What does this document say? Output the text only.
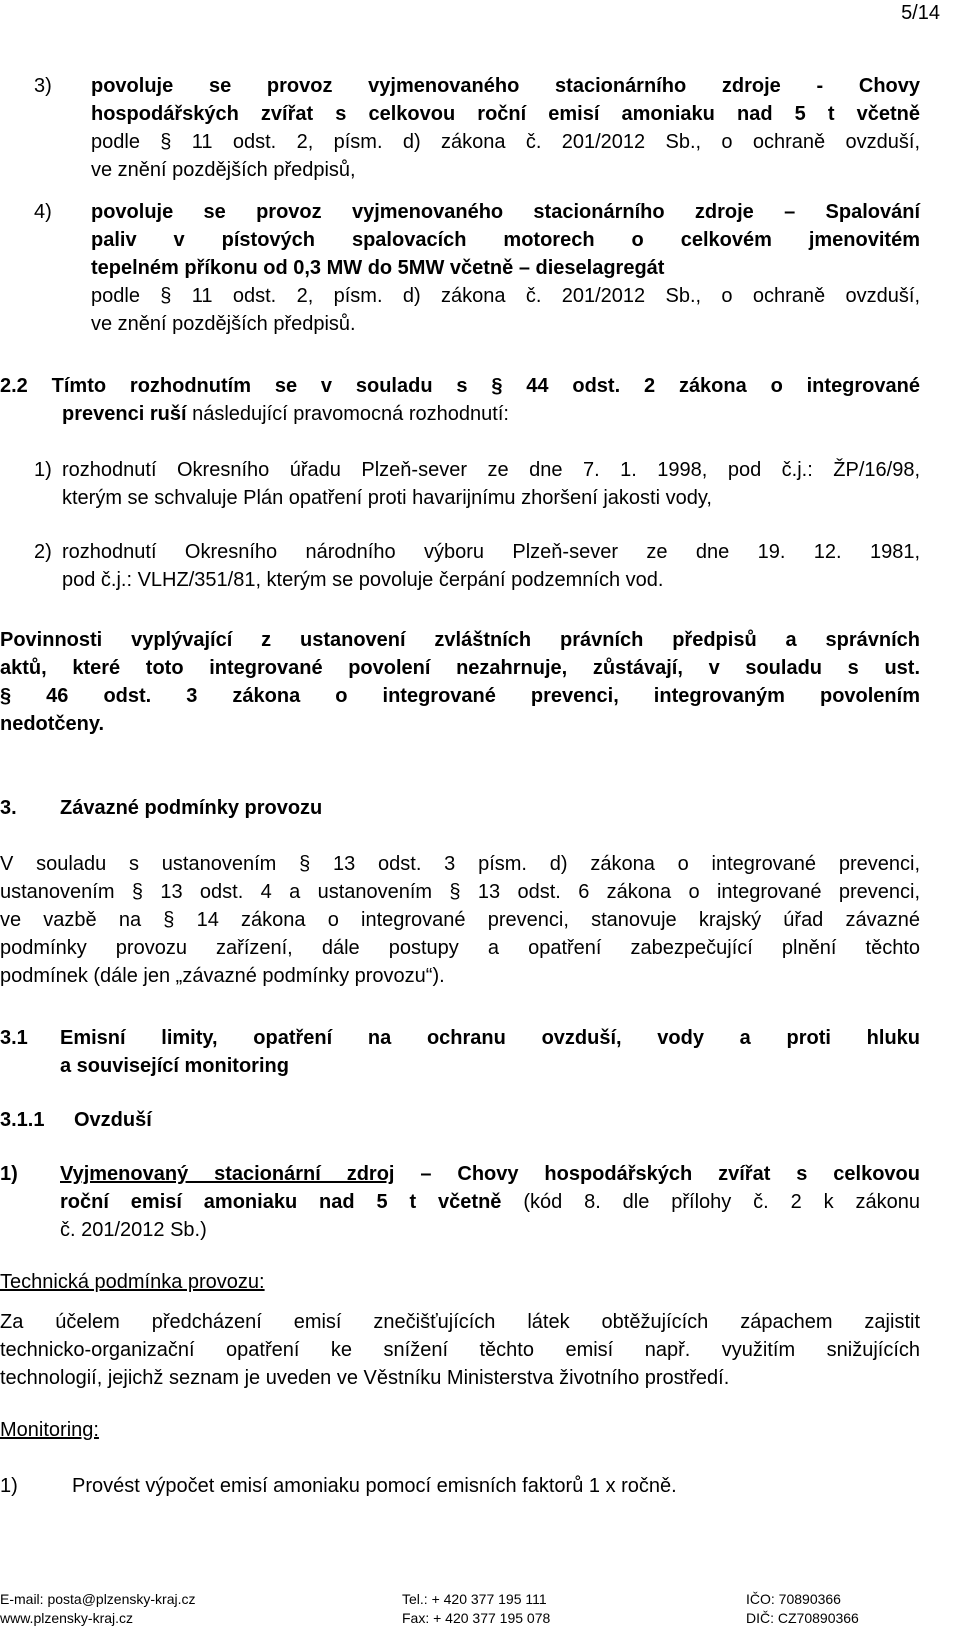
5/14
3) povoluje se provoz vyjmenovaného stacionárního zdroje - Chovy
hospodářských zvířat s celkovou roční emisí amoniaku nad 5 t včetně
podle § 11 odst. 2, písm. d) zákona č. 201/2012 Sb., o ochraně ovzduší,
ve znění pozdějších předpisů,
4) povoluje se provoz vyjmenovaného stacionárního zdroje – Spalování
paliv v pístových spalovacích motorech o celkovém jmenovitém
tepelném příkonu od 0,3 MW do 5MW včetně – dieselagregát
podle § 11 odst. 2, písm. d) zákona č. 201/2012 Sb., o ochraně ovzduší,
ve znění pozdějších předpisů.
2.2 Tímto rozhodnutím se v souladu s § 44 odst. 2 zákona o integrované
prevenci ruší následující pravomocná rozhodnutí:
1) rozhodnutí Okresního úřadu Plzeň-sever ze dne 7. 1. 1998, pod č.j.: ŽP/16/98,
kterým se schvaluje Plán opatření proti havarijnímu zhoršení jakosti vody,
2) rozhodnutí Okresního národního výboru Plzeň-sever ze dne 19. 12. 1981,
pod č.j.: VLHZ/351/81, kterým se povoluje čerpání podzemních vod.
Povinnosti vyplývající z ustanovení zvláštních právních předpisů a správních
aktů, které toto integrované povolení nezahrnuje, zůstávají, v souladu s ust.
§ 46 odst. 3 zákona o integrované prevenci, integrovaným povolením
nedotčeny.
3. Závazné podmínky provozu
V souladu s ustanovením § 13 odst. 3 písm. d) zákona o integrované prevenci,
ustanovením § 13 odst. 4 a ustanovením § 13 odst. 6 zákona o integrované prevenci,
ve vazbě na § 14 zákona o integrované prevenci, stanovuje krajský úřad závazné
podmínky provozu zařízení, dále postupy a opatření zabezpečující plnění těchto
podmínek (dále jen „závazné podmínky provozu“).
3.1 Emisní limity, opatření na ochranu ovzduší, vody a proti hluku
a související monitoring
3.1.1 Ovzduší
1) Vyjmenovaný stacionární zdroj – Chovy hospodářských zvířat s celkovou
roční emisí amoniaku nad 5 t včetně (kód 8. dle přílohy č. 2 k zákonu
č. 201/2012 Sb.)
Technická podmínka provozu:
Za účelem předcházení emisí znečišťujících látek obtěžujících zápachem zajistit
technicko-organizační opatření ke snížení těchto emisí např. využitím snižujících
technologií, jejichž seznam je uveden ve Věstníku Ministerstva životního prostředí.
Monitoring:
1)	Provést výpočet emisí amoniaku pomocí emisních faktorů 1 x ročně.
E-mail: posta@plzensky-kraj.cz
www.plzensky-kraj.cz
Tel.: + 420 377 195 111
Fax: + 420 377 195 078
IČO: 70890366
DIČ: CZ70890366
